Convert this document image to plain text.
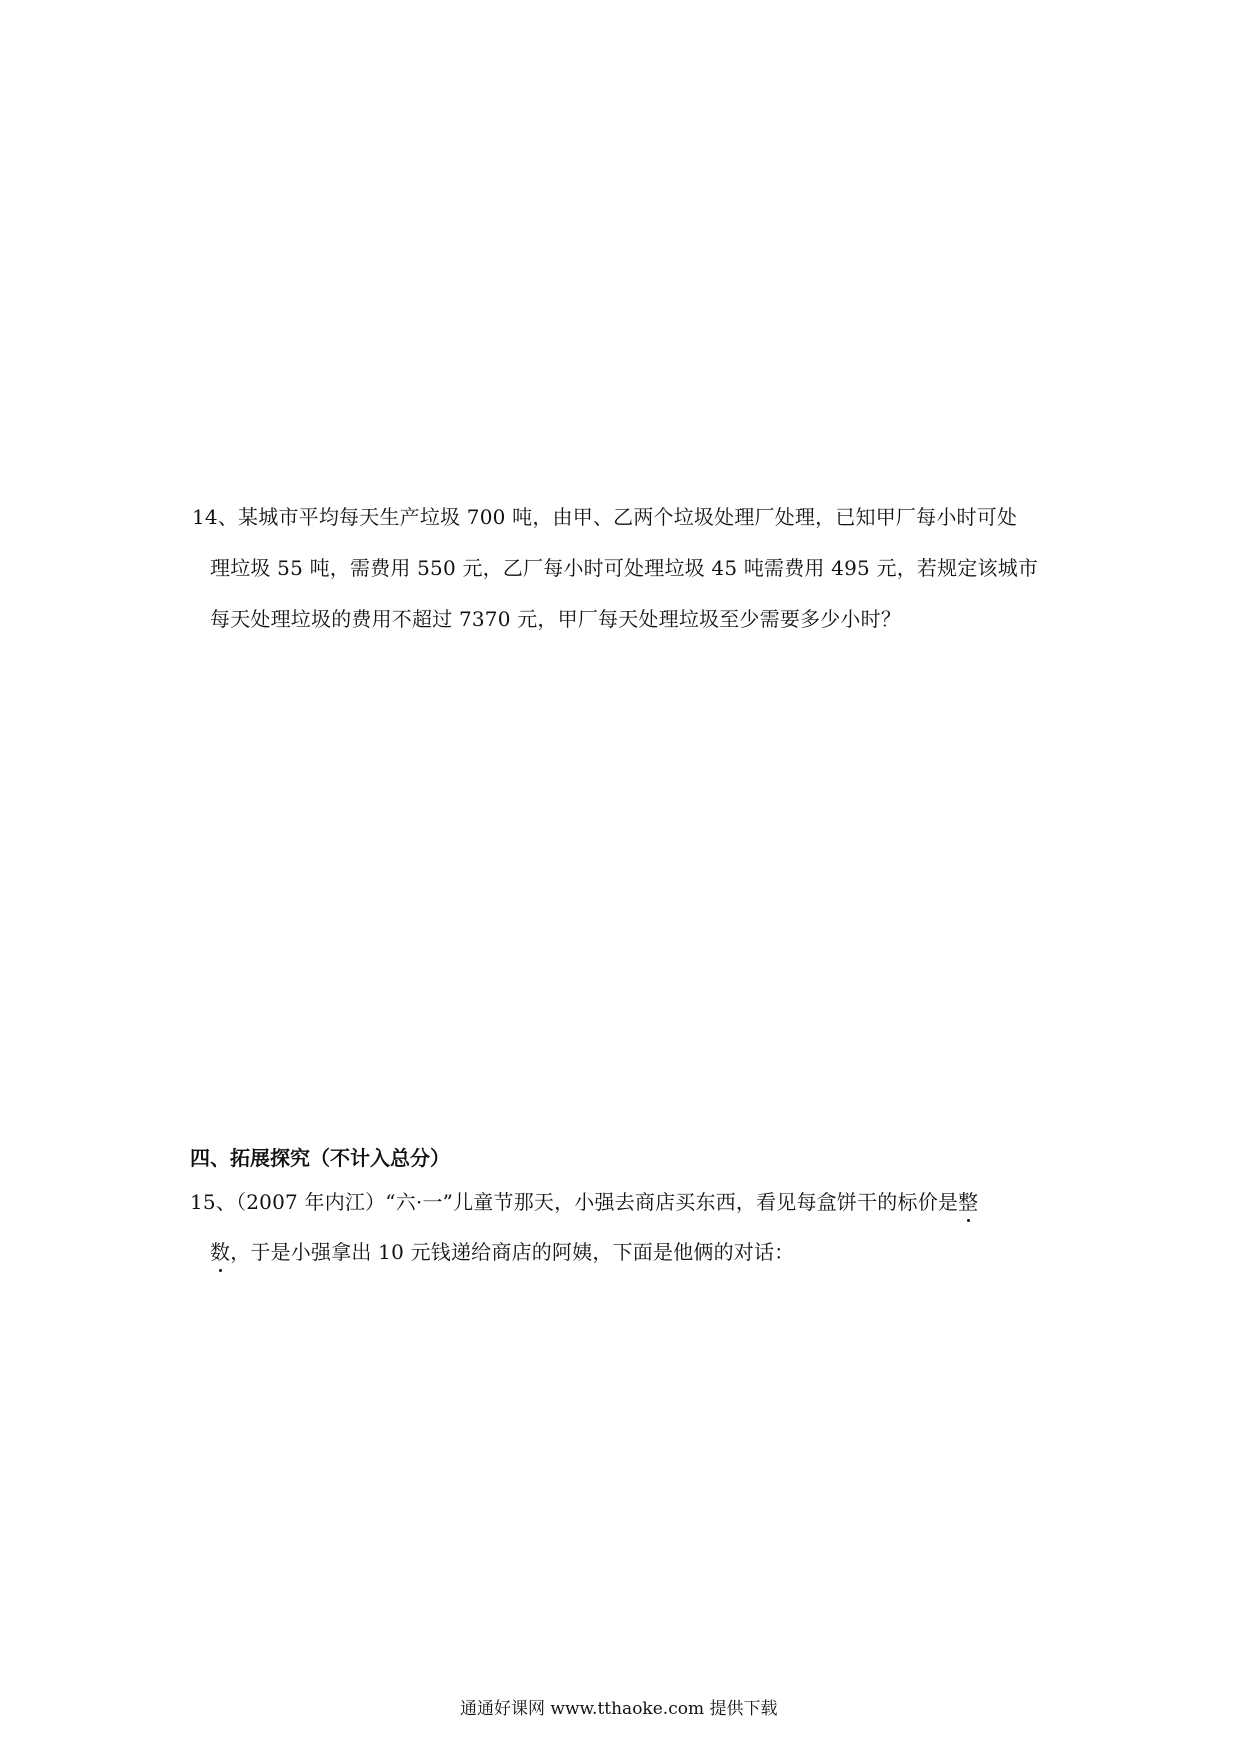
14、某城市平均每天生产垃圾 700 吨，由甲、乙两个垃圾处理厂处理，已知甲厂每小时可处
理垃圾 55 吨，需费用 550 元，乙厂每小时可处理垃圾 45 吨需费用 495 元，若规定该城市
每天处理垃圾的费用不超过 7370 元，甲厂每天处理垃圾至少需要多少小时？
四、拓展探究（不计入总分）
15、（2007 年内江）“六·一”儿童节那天，小强去商店买东西，看见每盒饼干的标价是整
数，于是小强拿出 10 元钱递给商店的阿姨，下面是他俩的对话：
通通好课网 www.tthaoke.com 提供下载
